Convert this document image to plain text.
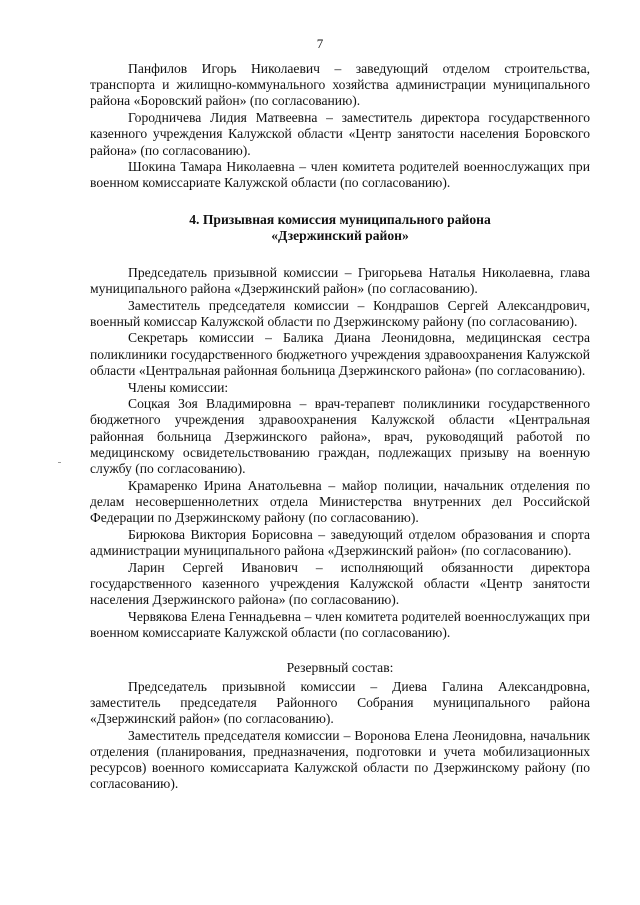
7

Панфилов Игорь Николаевич – заведующий отделом строительства, транспорта и жилищно-коммунального хозяйства администрации муниципального района «Боровский район» (по согласованию).

Городничева Лидия Матвеевна – заместитель директора государственного казенного учреждения Калужской области «Центр занятости населения Боровского района» (по согласованию).

Шокина Тамара Николаевна – член комитета родителей военнослужащих при военном комиссариате Калужской области (по согласованию).

4. Призывная комиссия муниципального района
«Дзержинский район»

Председатель призывной комиссии – Григорьева Наталья Николаевна, глава муниципального района «Дзержинский район» (по согласованию).

Заместитель председателя комиссии – Кондрашов Сергей Александрович, военный комиссар Калужской области по Дзержинскому району (по согласованию).

Секретарь комиссии – Балика Диана Леонидовна, медицинская сестра поликлиники государственного бюджетного учреждения здравоохранения Калужской области «Центральная районная больница Дзержинского района» (по согласованию).

Члены комиссии:

Соцкая Зоя Владимировна – врач-терапевт поликлиники государственного бюджетного учреждения здравоохранения Калужской области «Центральная районная больница Дзержинского района», врач, руководящий работой по медицинскому освидетельствованию граждан, подлежащих призыву на военную службу (по согласованию).

Крамаренко Ирина Анатольевна – майор полиции, начальник отделения по делам несовершеннолетних отдела Министерства внутренних дел Российской Федерации по Дзержинскому району (по согласованию).

Бирюкова Виктория Борисовна – заведующий отделом образования и спорта администрации муниципального района «Дзержинский район» (по согласованию).

Ларин Сергей Иванович – исполняющий обязанности директора государственного казенного учреждения Калужской области «Центр занятости населения Дзержинского района» (по согласованию).

Червякова Елена Геннадьевна – член комитета родителей военнослужащих при военном комиссариате Калужской области (по согласованию).

Резервный состав:

Председатель призывной комиссии – Диева Галина Александровна, заместитель председателя Районного Собрания муниципального района «Дзержинский район» (по согласованию).

Заместитель председателя комиссии – Воронова Елена Леонидовна, начальник отделения (планирования, предназначения, подготовки и учета мобилизационных ресурсов) военного комиссариата Калужской области по Дзержинскому району (по согласованию).
